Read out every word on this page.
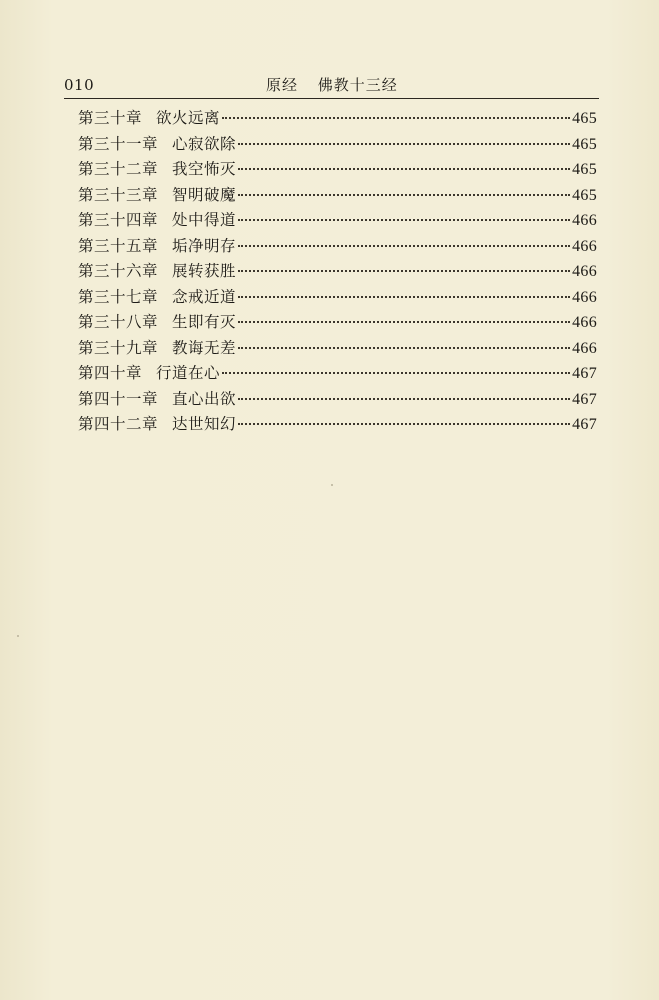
010	原经 佛教十三经
第三十章 欲火远离	465
第三十一章 心寂欲除	465
第三十二章 我空怖灭	465
第三十三章 智明破魔	465
第三十四章 处中得道	466
第三十五章 垢净明存	466
第三十六章 展转获胜	466
第三十七章 念戒近道	466
第三十八章 生即有灭	466
第三十九章 教诲无差	466
第四十章 行道在心	467
第四十一章 直心出欲	467
第四十二章 达世知幻	467
